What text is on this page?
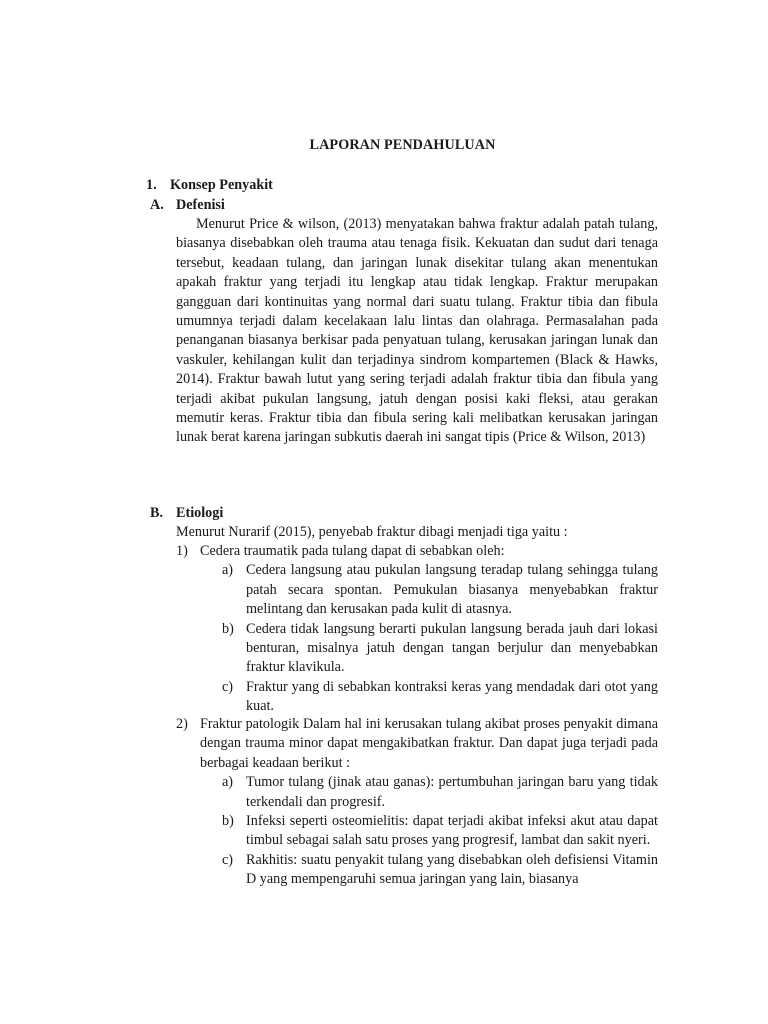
LAPORAN PENDAHULUAN
1. Konsep Penyakit
A. Defenisi

Menurut Price & wilson, (2013) menyatakan bahwa fraktur adalah patah tulang, biasanya disebabkan oleh trauma atau tenaga fisik. Kekuatan dan sudut dari tenaga tersebut, keadaan tulang, dan jaringan lunak disekitar tulang akan menentukan apakah fraktur yang terjadi itu lengkap atau tidak lengkap. Fraktur merupakan gangguan dari kontinuitas yang normal dari suatu tulang. Fraktur tibia dan fibula umumnya terjadi dalam kecelakaan lalu lintas dan olahraga. Permasalahan pada penanganan biasanya berkisar pada penyatuan tulang, kerusakan jaringan lunak dan vaskuler, kehilangan kulit dan terjadinya sindrom kompartemen (Black & Hawks, 2014). Fraktur bawah lutut yang sering terjadi adalah fraktur tibia dan fibula yang terjadi akibat pukulan langsung, jatuh dengan posisi kaki fleksi, atau gerakan memutir keras. Fraktur tibia dan fibula sering kali melibatkan kerusakan jaringan lunak berat karena jaringan subkutis daerah ini sangat tipis (Price & Wilson, 2013)

B. Etiologi

Menurut Nurarif (2015), penyebab fraktur dibagi menjadi tiga yaitu :

1) Cedera traumatik pada tulang dapat di sebabkan oleh:
a) Cedera langsung atau pukulan langsung teradap tulang sehingga tulang patah secara spontan. Pemukulan biasanya menyebabkan fraktur melintang dan kerusakan pada kulit di atasnya.
b) Cedera tidak langsung berarti pukulan langsung berada jauh dari lokasi benturan, misalnya jatuh dengan tangan berjulur dan menyebabkan fraktur klavikula.
c) Fraktur yang di sebabkan kontraksi keras yang mendadak dari otot yang kuat.
2) Fraktur patologik Dalam hal ini kerusakan tulang akibat proses penyakit dimana dengan trauma minor dapat mengakibatkan fraktur. Dan dapat juga terjadi pada berbagai keadaan berikut :
a) Tumor tulang (jinak atau ganas): pertumbuhan jaringan baru yang tidak terkendali dan progresif.
b) Infeksi seperti osteomielitis: dapat terjadi akibat infeksi akut atau dapat timbul sebagai salah satu proses yang progresif, lambat dan sakit nyeri.
c) Rakhitis: suatu penyakit tulang yang disebabkan oleh defisiensi Vitamin D yang mempengaruhi semua jaringan yang lain, biasanya
